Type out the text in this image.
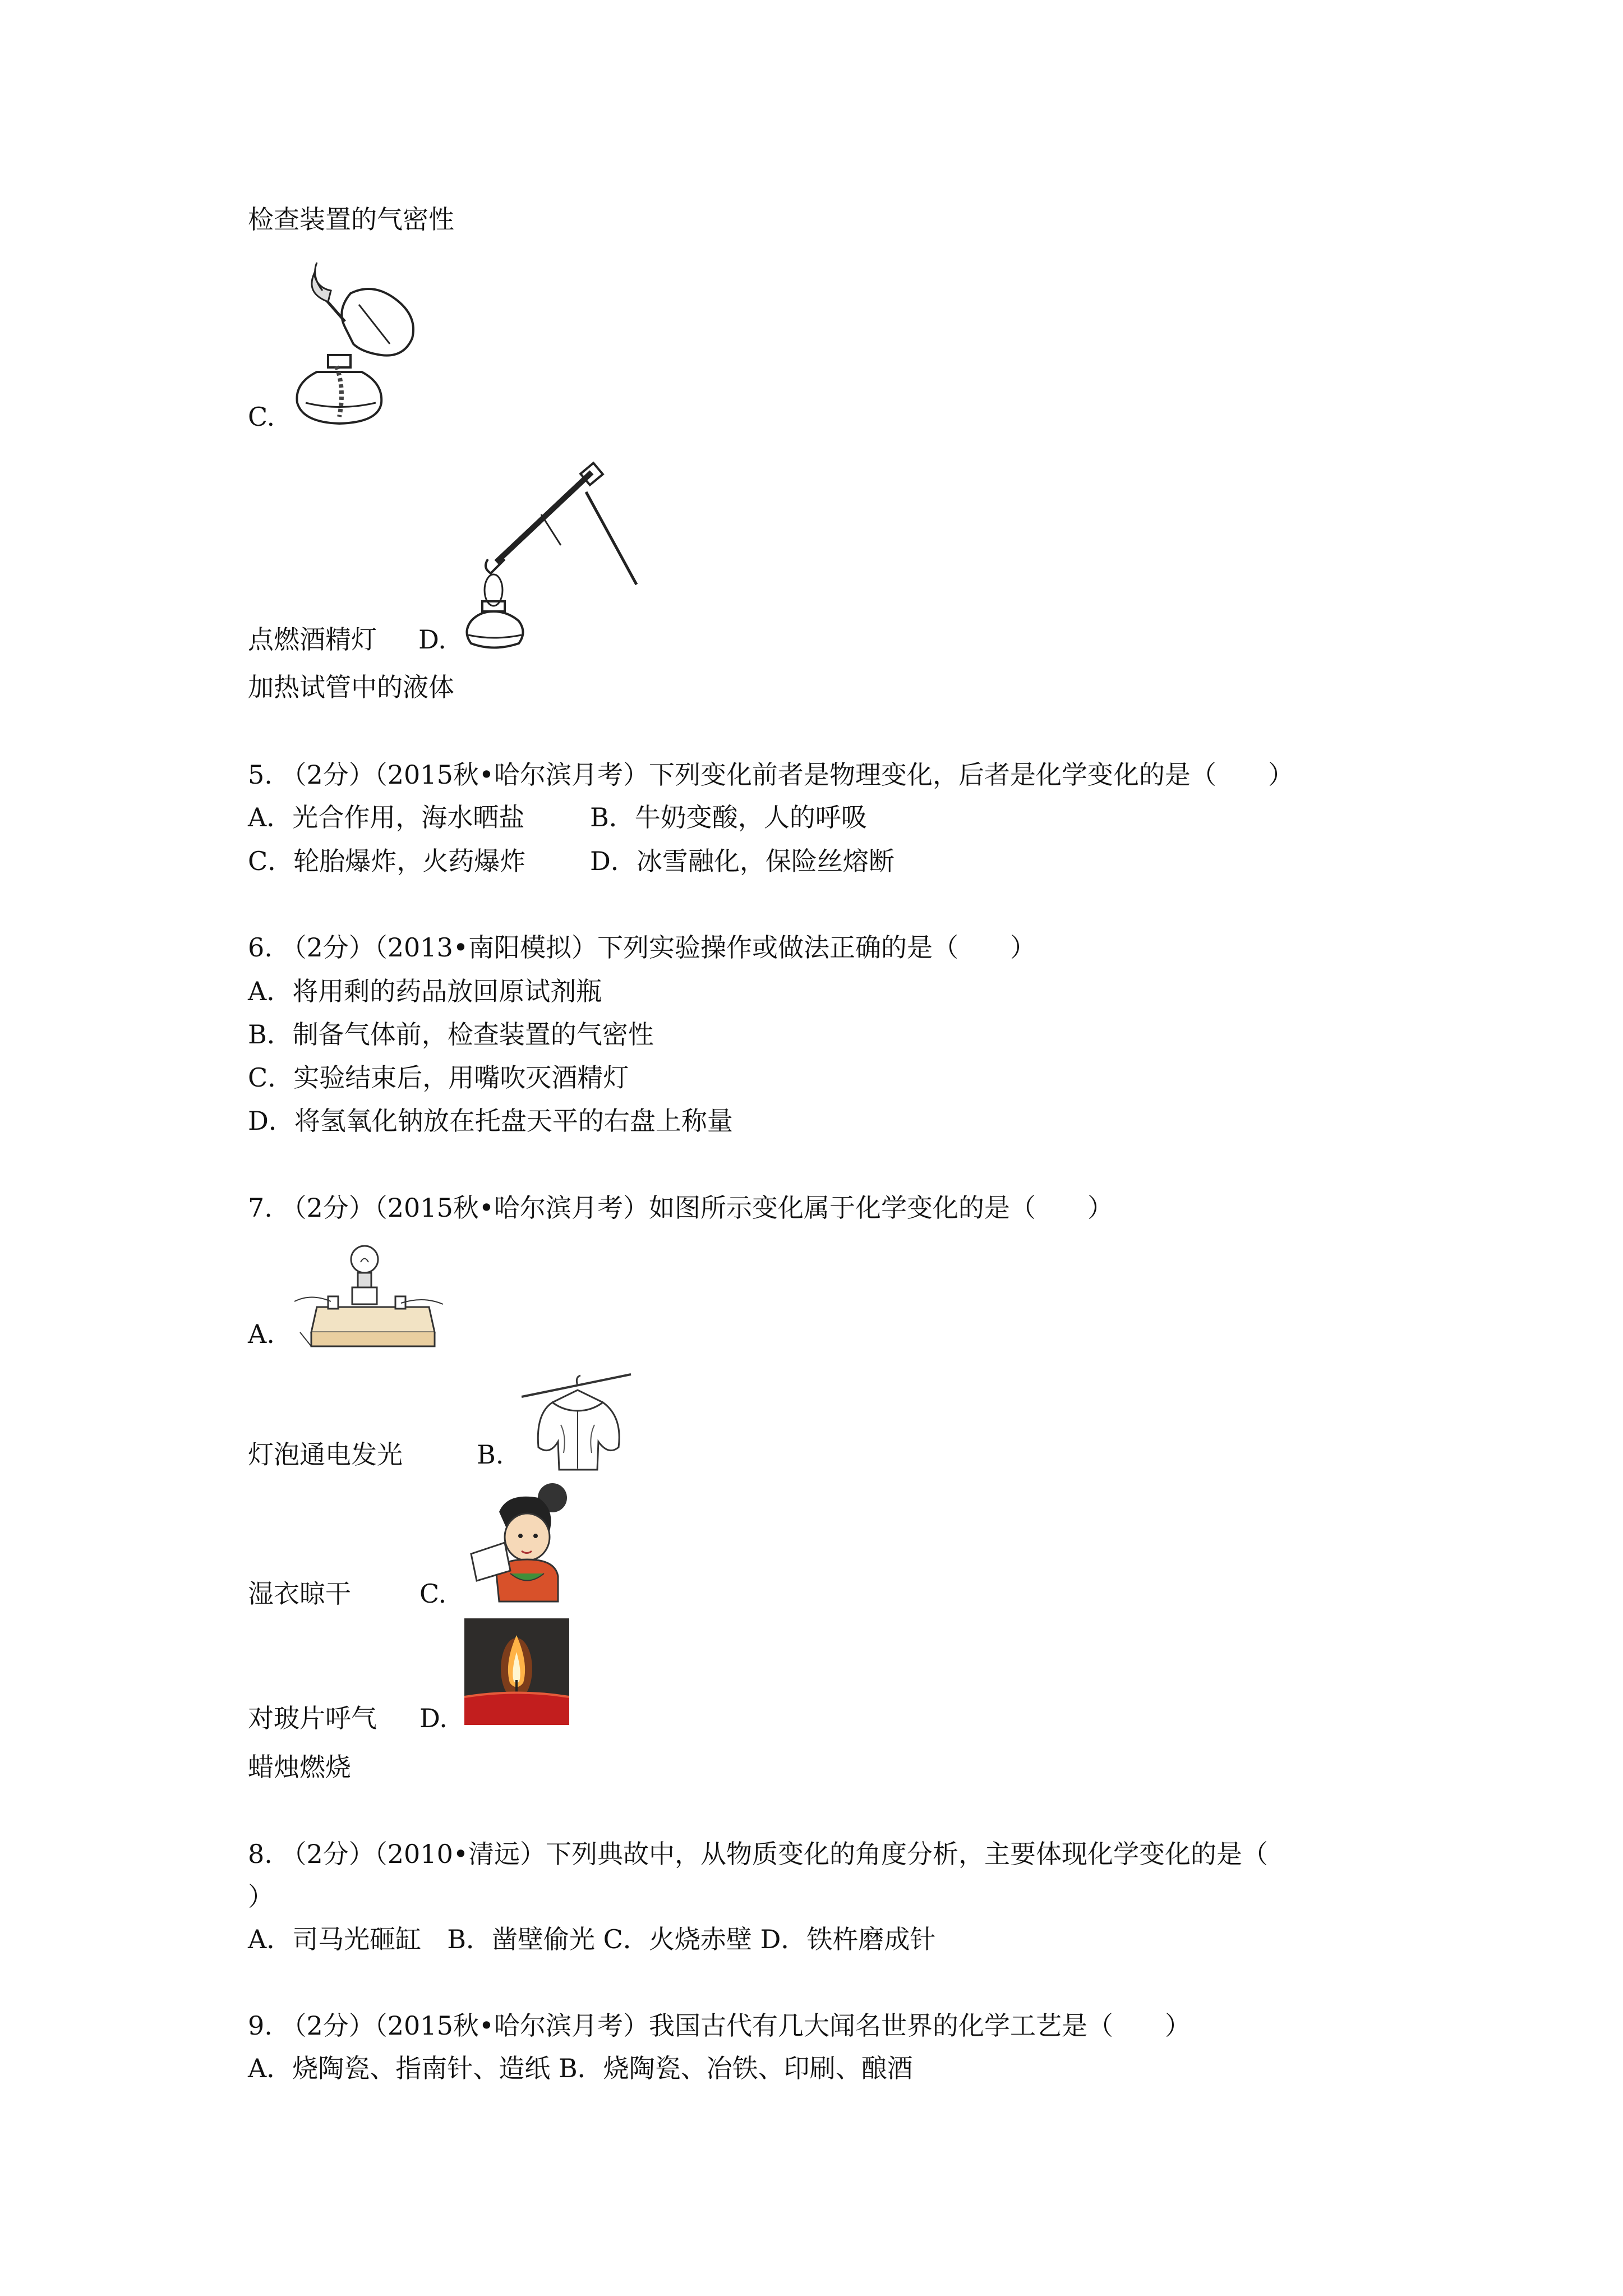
检查装置的气密性
C.
点燃酒精灯 D.
加热试管中的液体
5. （2分）（2015秋•哈尔滨月考）下列变化前者是物理变化，后者是化学变化的是（　　）
A．光合作用，海水晒盐	B．牛奶变酸，人的呼吸
C．轮胎爆炸，火药爆炸 D．冰雪融化，保险丝熔断
6. （2分）（2013•南阳模拟）下列实验操作或做法正确的是（　　）
A．将用剩的药品放回原试剂瓶
B．制备气体前，检查装置的气密性
C．实验结束后，用嘴吹灭酒精灯
D．将氢氧化钠放在托盘天平的右盘上称量
7. （2分）（2015秋•哈尔滨月考）如图所示变化属于化学变化的是（　　）
A.
灯泡通电发光	B.
湿衣晾干	C.
对玻片呼气 D.
蜡烛燃烧
8. （2分）（2010•清远）下列典故中，从物质变化的角度分析，主要体现化学变化的是（
）
A．司马光砸缸　B．凿壁偷光 C．火烧赤壁 D．铁杵磨成针
9. （2分）（2015秋•哈尔滨月考）我国古代有几大闻名世界的化学工艺是（　　）
A．烧陶瓷、指南针、造纸 B．烧陶瓷、冶铁、印刷、酿酒
